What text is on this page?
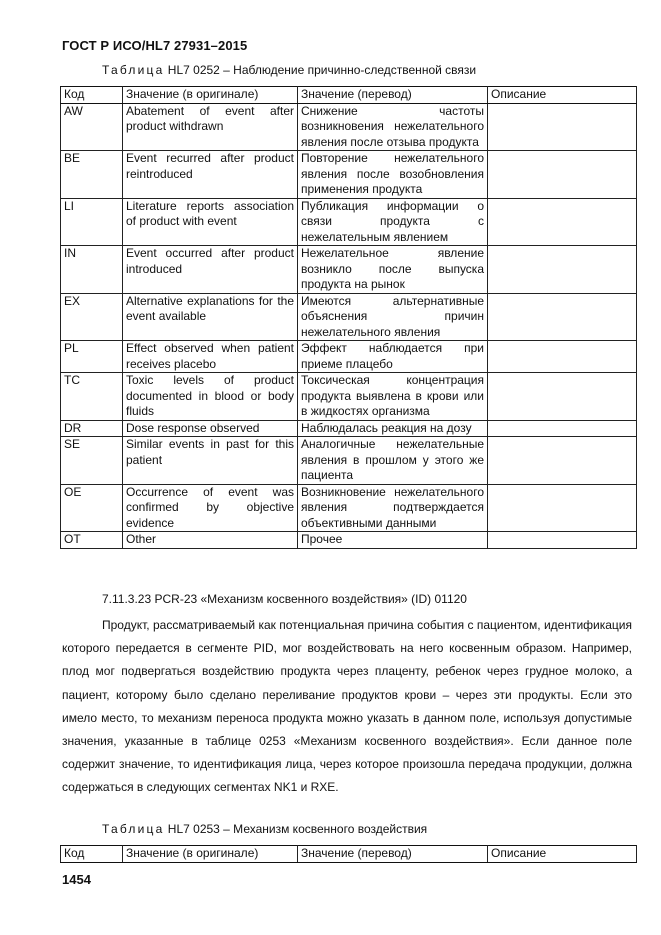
ГОСТ Р ИСО/HL7 27931–2015
Таблица HL7 0252 – Наблюдение причинно-следственной связи
Код	Значение (в оригинале)	Значение (перевод)	Описание
AW	Abatement of event after product withdrawn	Снижение частоты возникновения нежелательного явления после отзыва продукта	
BE	Event recurred after product reintroduced	Повторение нежелательного явления после возобновления применения продукта	
LI	Literature reports association of product with event	Публикация информации о связи продукта с нежелательным явлением	
IN	Event occurred after product introduced	Нежелательное явление возникло после выпуска продукта на рынок	
EX	Alternative explanations for the event available	Имеются альтернативные объяснения причин нежелательного явления	
PL	Effect observed when patient receives placebo	Эффект наблюдается при приеме плацебо	
TC	Toxic levels of product documented in blood or body fluids	Токсическая концентрация продукта выявлена в крови или в жидкостях организма	
DR	Dose response observed	Наблюдалась реакция на дозу	
SE	Similar events in past for this patient	Аналогичные нежелательные явления в прошлом у этого же пациента	
OE	Occurrence of event was confirmed by objective evidence	Возникновение нежелательного явления подтверждается объективными данными	
OT	Other	Прочее	
7.11.3.23 PCR-23 «Механизм косвенного воздействия» (ID) 01120

Продукт, рассматриваемый как потенциальная причина события с пациентом, идентификация которого передается в сегменте PID, мог воздействовать на него косвенным образом. Например, плод мог подвергаться воздействию продукта через плаценту, ребенок через грудное молоко, а пациент, которому было сделано переливание продуктов крови – через эти продукты. Если это имело место, то механизм переноса продукта можно указать в данном поле, используя допустимые значения, указанные в таблице 0253 «Механизм косвенного воздействия». Если данное поле содержит значение, то идентификация лица, через которое произошла передача продукции, должна содержаться в следующих сегментах NK1 и RXE.

Таблица HL7 0253 – Механизм косвенного воздействия
Код	Значение (в оригинале)	Значение (перевод)	Описание
1454
